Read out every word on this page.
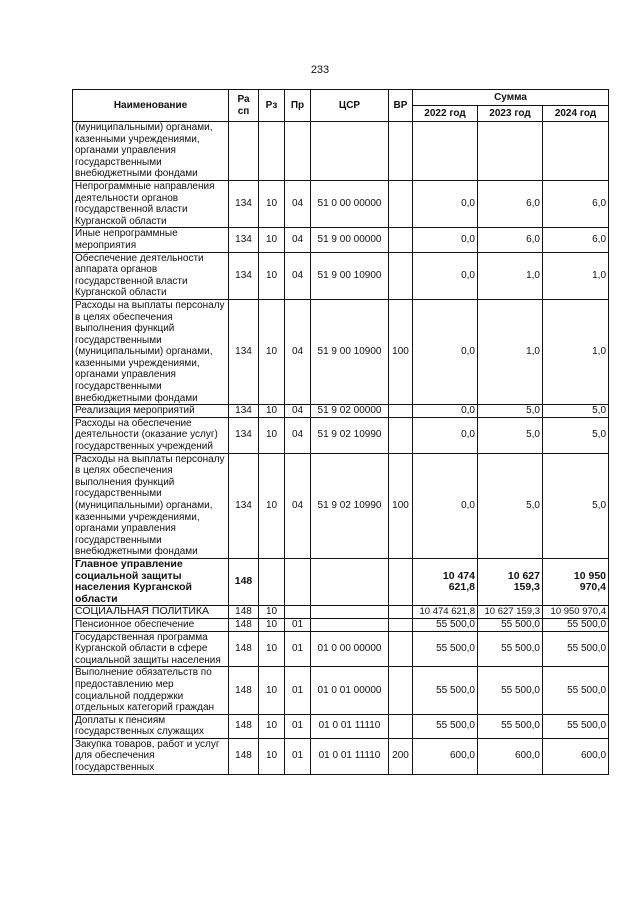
233
Наименование	Ра сп	Рз	Пр	ЦСР	ВР	Сумма		
						2022 год	2023 год	2024 год
(муниципальными) органами, казенными учреждениями, органами управления государственными внебюджетными фондами								
Непрограммные направления деятельности органов государственной власти Курганской области	134	10	04	51 0 00 00000		0,0	6,0	6,0
Иные непрограммные мероприятия	134	10	04	51 9 00 00000		0,0	6,0	6,0
Обеспечение деятельности аппарата органов государственной власти Курганской области	134	10	04	51 9 00 10900		0,0	1,0	1,0
Расходы на выплаты персоналу в целях обеспечения выполнения функций государственными (муниципальными) органами, казенными учреждениями, органами управления государственными внебюджетными фондами	134	10	04	51 9 00 10900	100	0,0	1,0	1,0
Реализация мероприятий	134	10	04	51 9 02 00000		0,0	5,0	5,0
Расходы на обеспечение деятельности (оказание услуг) государственных учреждений	134	10	04	51 9 02 10990		0,0	5,0	5,0
Расходы на выплаты персоналу в целях обеспечения выполнения функций государственными (муниципальными) органами, казенными учреждениями, органами управления государственными внебюджетными фондами	134	10	04	51 9 02 10990	100	0,0	5,0	5,0
Главное управление социальной защиты населения Курганской области	148					10 474 621,8	10 627 159,3	10 950 970,4
СОЦИАЛЬНАЯ ПОЛИТИКА	148	10				10 474 621,8	10 627 159,3	10 950 970,4
Пенсионное обеспечение	148	10	01			55 500,0	55 500,0	55 500,0
Государственная программа Курганской области в сфере социальной защиты населения	148	10	01	01 0 00 00000		55 500,0	55 500,0	55 500,0
Выполнение обязательств по предоставлению мер социальной поддержки отдельных категорий граждан	148	10	01	01 0 01 00000		55 500,0	55 500,0	55 500,0
Доплаты к пенсиям государственных служащих	148	10	01	01 0 01 11110		55 500,0	55 500,0	55 500,0
Закупка товаров, работ и услуг для обеспечения государственных	148	10	01	01 0 01 11110	200	600,0	600,0	600,0
